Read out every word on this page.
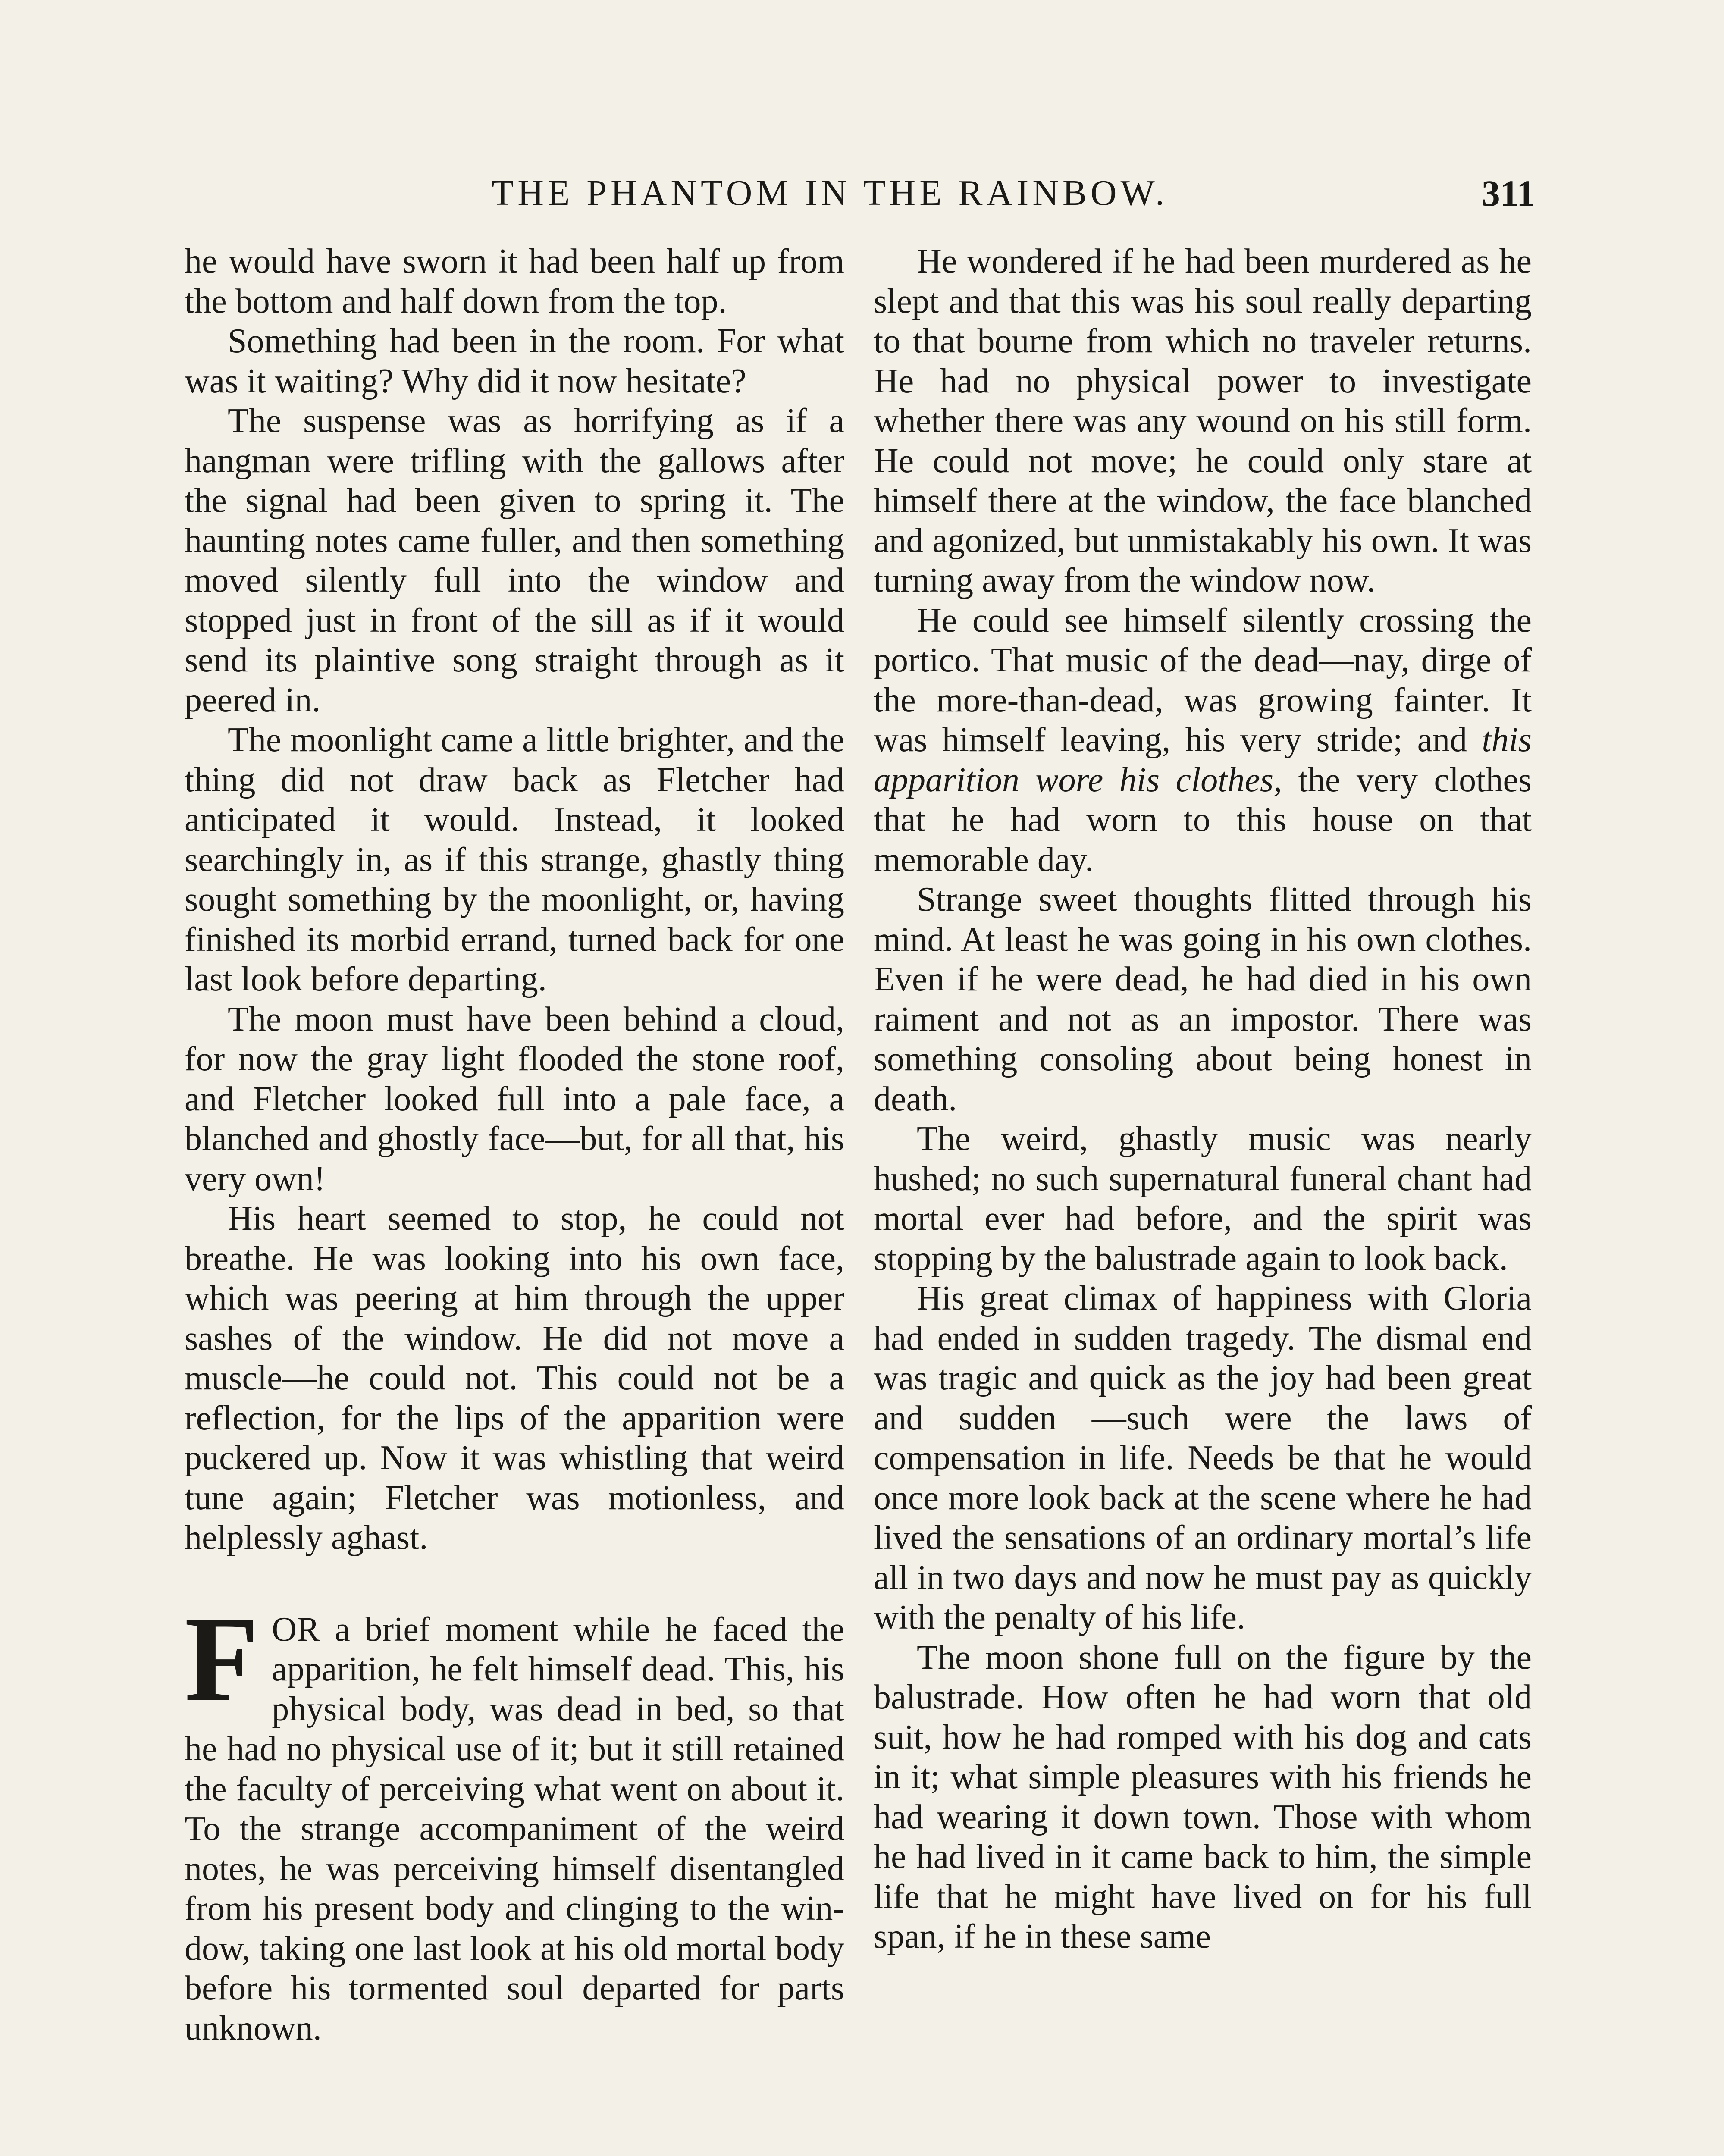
THE PHANTOM IN THE RAINBOW.	311

he would have sworn it had been half up from the bottom and half down from the top.

Something had been in the room. For what was it waiting? Why did it now hesitate?

The suspense was as horrifying as if a hangman were trifling with the gallows after the signal had been given to spring it. The haunting notes came fuller, and then something moved silently full into the window and stopped just in front of the sill as if it would send its plaintive song straight through as it peered in.

The moonlight came a little brighter, and the thing did not draw back as Fletcher had anticipated it would. Instead, it looked searchingly in, as if this strange, ghastly thing sought something by the moonlight, or, having finished its morbid errand, turned back for one last look before departing.

The moon must have been behind a cloud, for now the gray light flooded the stone roof, and Fletcher looked full into a pale face, a blanched and ghostly face—but, for all that, his very own!

His heart seemed to stop, he could not breathe. He was looking into his own face, which was peering at him through the upper sashes of the window. He did not move a muscle—he could not. This could not be a reflection, for the lips of the apparition were puckered up. Now it was whistling that weird tune again; Fletcher was motionless, and helplessly aghast.

FOR a brief moment while he faced the apparition, he felt himself dead. This, his physical body, was dead in bed, so that he had no physical use of it; but it still retained the faculty of perceiving what went on about it. To the strange accompaniment of the weird notes, he was perceiving himself disentangled from his present body and clinging to the window, taking one last look at his old mortal body before his tormented soul departed for parts unknown.

He wondered if he had been murdered as he slept and that this was his soul really departing to that bourne from which no traveler returns. He had no physical power to investigate whether there was any wound on his still form. He could not move; he could only stare at himself there at the window, the face blanched and agonized, but unmistakably his own. It was turning away from the window now.

He could see himself silently crossing the portico. That music of the dead—nay, dirge of the more-than-dead, was growing fainter. It was himself leaving, his very stride; and this apparition wore his clothes, the very clothes that he had worn to this house on that memorable day.

Strange sweet thoughts flitted through his mind. At least he was going in his own clothes. Even if he were dead, he had died in his own raiment and not as an impostor. There was something consoling about being honest in death.

The weird, ghastly music was nearly hushed; no such supernatural funeral chant had mortal ever had before, and the spirit was stopping by the balustrade again to look back.

His great climax of happiness with Gloria had ended in sudden tragedy. The dismal end was tragic and quick as the joy had been great and sudden —such were the laws of compensation in life. Needs be that he would once more look back at the scene where he had lived the sensations of an ordinary mortal’s life all in two days and now he must pay as quickly with the penalty of his life.

The moon shone full on the figure by the balustrade. How often he had worn that old suit, how he had romped with his dog and cats in it; what simple pleasures with his friends he had wearing it down town. Those with whom he had lived in it came back to him, the simple life that he might have lived on for his full span, if he in these same
